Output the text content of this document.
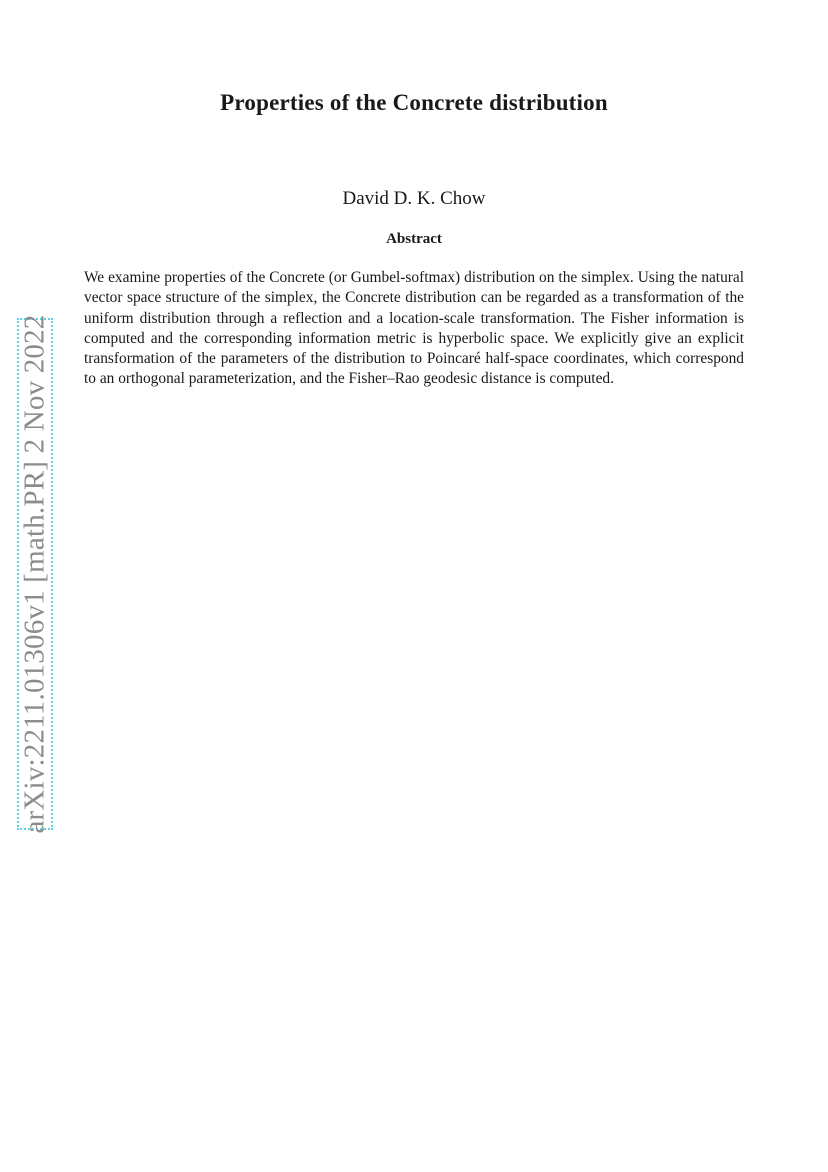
Properties of the Concrete distribution
David D. K. Chow
Abstract
We examine properties of the Concrete (or Gumbel-softmax) distribution on the simplex. Using the natural vector space structure of the simplex, the Concrete distribution can be regarded as a transformation of the uniform distribution through a reflection and a location-scale transformation. The Fisher information is computed and the corresponding information metric is hyperbolic space. We explicitly give an explicit transformation of the parameters of the distribution to Poincaré half-space coordinates, which correspond to an orthogonal parameterization, and the Fisher–Rao geodesic distance is computed.
arXiv:2211.01306v1 [math.PR] 2 Nov 2022
